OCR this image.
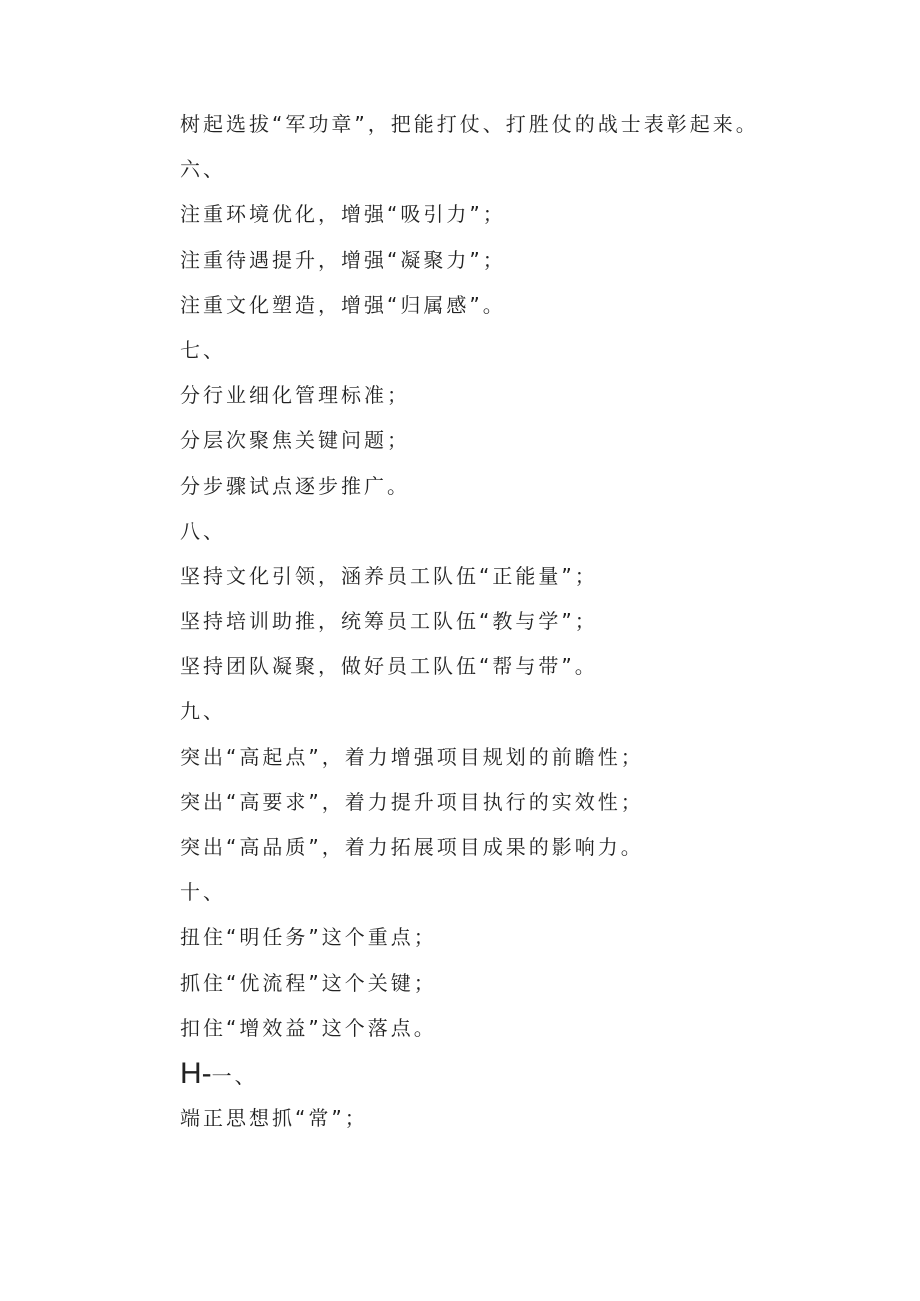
树起选拔“军功章”，把能打仗、打胜仗的战士表彰起来。
六、
注重环境优化，增强“吸引力”；
注重待遇提升，增强“凝聚力”；
注重文化塑造，增强“归属感”。
七、
分行业细化管理标准；
分层次聚焦关键问题；
分步骤试点逐步推广。
八、
坚持文化引领，涵养员工队伍“正能量”；
坚持培训助推，统筹员工队伍“教与学”；
坚持团队凝聚，做好员工队伍“帮与带”。
九、
突出“高起点”，着力增强项目规划的前瞻性；
突出“高要求”，着力提升项目执行的实效性；
突出“高品质”，着力拓展项目成果的影响力。
十、
扭住“明任务”这个重点；
抓住“优流程”这个关键；
扣住“增效益”这个落点。
H-一、
端正思想抓“常”；
